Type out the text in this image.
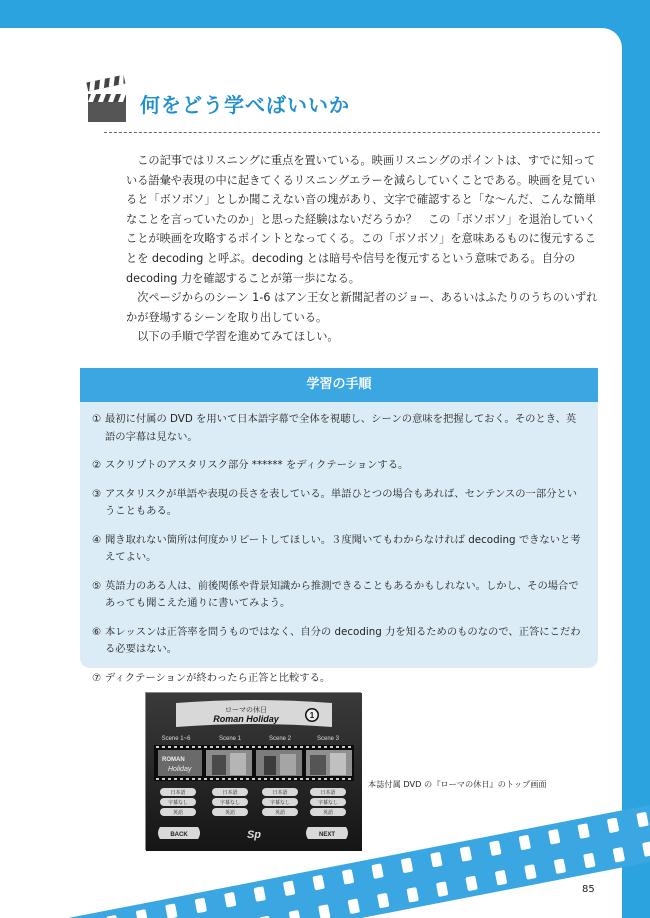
何をどう学べばいいか

この記事ではリスニングに重点を置いている。映画リスニングのポイントは、すでに知っている語彙や表現の中に起きてくるリスニングエラーを減らしていくことである。映画を見ていると「ボソボソ」としか聞こえない音の塊があり、文字で確認すると「な〜んだ、こんな簡単なことを言っていたのか」と思った経験はないだろうか？　この「ボソボソ」を退治していくことが映画を攻略するポイントとなってくる。この「ボソボソ」を意味あるものに復元することを decoding と呼ぶ。decoding とは暗号や信号を復元するという意味である。自分の decoding 力を確認することが第一歩になる。

次ページからのシーン 1-6 はアン王女と新聞記者のジョー、あるいはふたりのうちのいずれかが登場するシーンを取り出している。

以下の手順で学習を進めてみてほしい。

学習の手順
① 最初に付属の DVD を用いて日本語字幕で全体を視聴し、シーンの意味を把握しておく。そのとき、英語の字幕は見ない。
② スクリプトのアスタリスク部分 ****** をディクテーションする。
③ アスタリスクが単語や表現の長さを表している。単語ひとつの場合もあれば、センテンスの一部分ということもある。
④ 聞き取れない箇所は何度かリピートしてほしい。３度聞いてもわからなければ decoding できないと考えてよい。
⑤ 英語力のある人は、前後関係や背景知識から推測できることもあるかもしれない。しかし、その場合であっても聞こえた通りに書いてみよう。
⑥ 本レッスンは正答率を問うものではなく、自分の decoding 力を知るためのものなので、正答にこだわる必要はない。
⑦ ディクテーションが終わったら正答と比較する。
ローマの休日
Roman Holiday	1
Scene 1~6	Scene 1	Scene 2	Scene 3
ROMAN
Holiday
日本語	日本語	日本語	日本語
字幕なし	字幕なし	字幕なし	字幕なし
英語	英語	英語	英語
BACK	NEXT
Sp
本誌付属 DVD の『ローマの休日』のトップ画面
85
